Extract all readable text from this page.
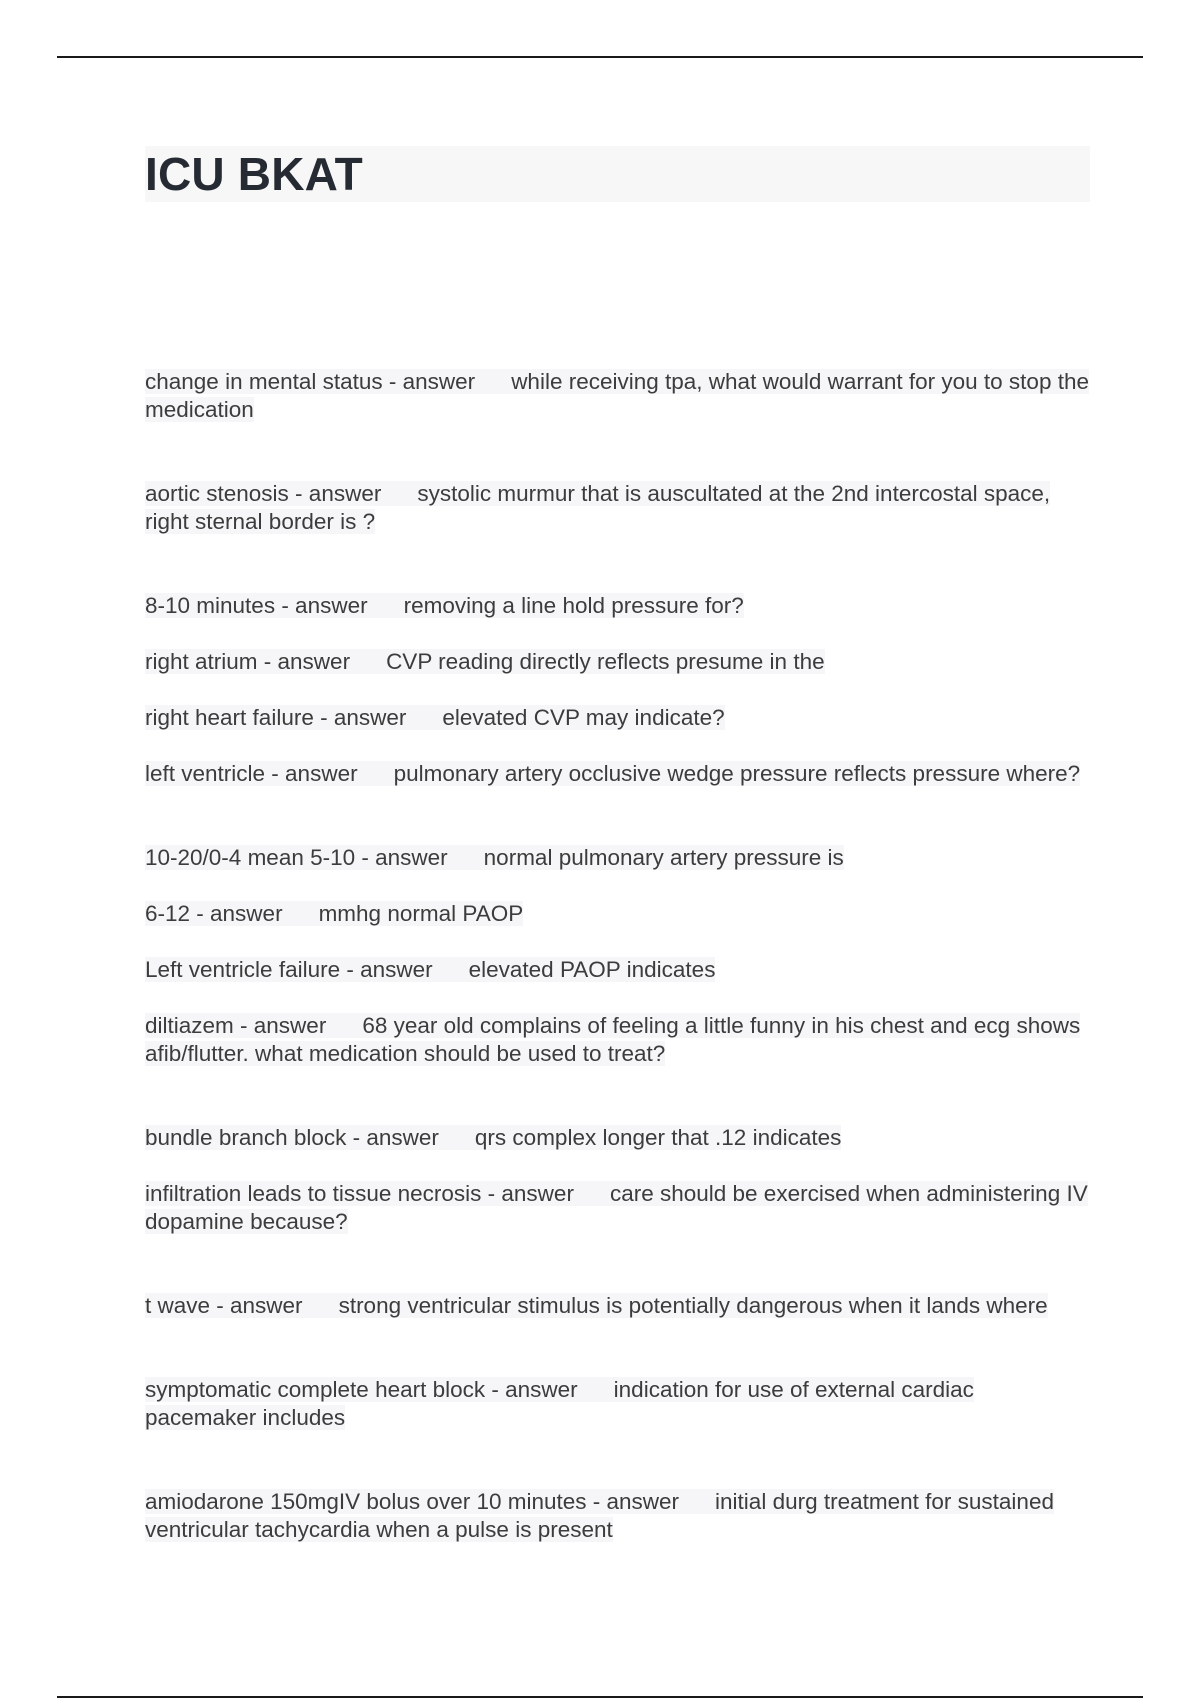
ICU BKAT

change in mental status - answer while receiving tpa, what would warrant for you to stop the medication

aortic stenosis - answer systolic murmur that is auscultated at the 2nd intercostal space, right sternal border is ?

8-10 minutes - answer removing a line hold pressure for?

right atrium - answer CVP reading directly reflects presume in the

right heart failure - answer elevated CVP may indicate?

left ventricle - answer pulmonary artery occlusive wedge pressure reflects pressure where?

10-20/0-4 mean 5-10 - answer normal pulmonary artery pressure is

6-12 - answer mmhg normal PAOP

Left ventricle failure - answer elevated PAOP indicates

diltiazem - answer 68 year old complains of feeling a little funny in his chest and ecg shows afib/flutter. what medication should be used to treat?

bundle branch block - answer qrs complex longer that .12 indicates

infiltration leads to tissue necrosis - answer care should be exercised when administering IV dopamine because?

t wave - answer strong ventricular stimulus is potentially dangerous when it lands where

symptomatic complete heart block - answer indication for use of external cardiac pacemaker includes

amiodarone 150mgIV bolus over 10 minutes - answer initial durg treatment for sustained ventricular tachycardia when a pulse is present
